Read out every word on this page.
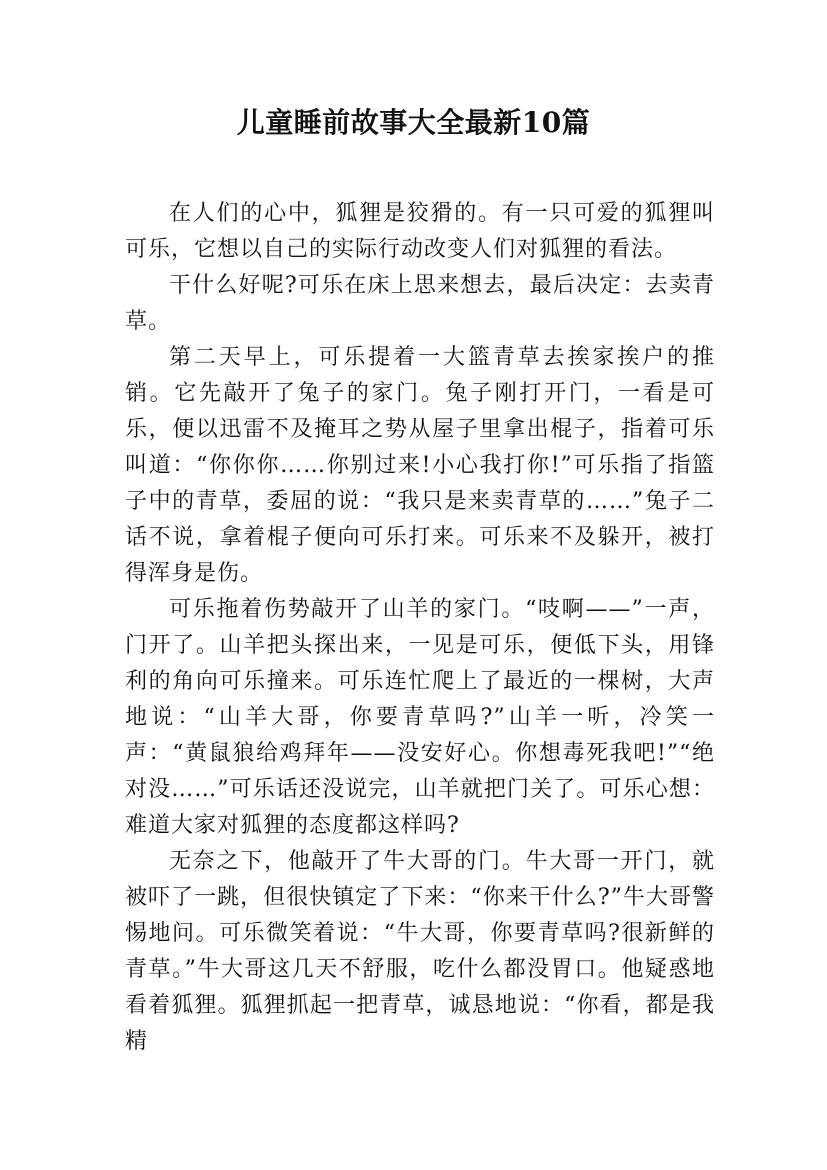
儿童睡前故事大全最新10篇

在人们的心中，狐狸是狡猾的。有一只可爱的狐狸叫可乐，它想以自己的实际行动改变人们对狐狸的看法。

干什么好呢?可乐在床上思来想去，最后决定：去卖青草。

第二天早上，可乐提着一大篮青草去挨家挨户的推销。它先敲开了兔子的家门。兔子刚打开门，一看是可乐，便以迅雷不及掩耳之势从屋子里拿出棍子，指着可乐叫道：“你你你……你别过来!小心我打你!”可乐指了指篮子中的青草，委屈的说：“我只是来卖青草的……”兔子二话不说，拿着棍子便向可乐打来。可乐来不及躲开，被打得浑身是伤。

可乐拖着伤势敲开了山羊的家门。“吱啊——”一声，门开了。山羊把头探出来，一见是可乐，便低下头，用锋利的角向可乐撞来。可乐连忙爬上了最近的一棵树，大声地说：“山羊大哥，你要青草吗?”山羊一听，冷笑一声：“黄鼠狼给鸡拜年——没安好心。你想毒死我吧!”“绝对没……”可乐话还没说完，山羊就把门关了。可乐心想：难道大家对狐狸的态度都这样吗?

无奈之下，他敲开了牛大哥的门。牛大哥一开门，就被吓了一跳，但很快镇定了下来：“你来干什么?”牛大哥警惕地问。可乐微笑着说：“牛大哥，你要青草吗?很新鲜的青草。”牛大哥这几天不舒服，吃什么都没胃口。他疑惑地看着狐狸。狐狸抓起一把青草，诚恳地说：“你看，都是我精
